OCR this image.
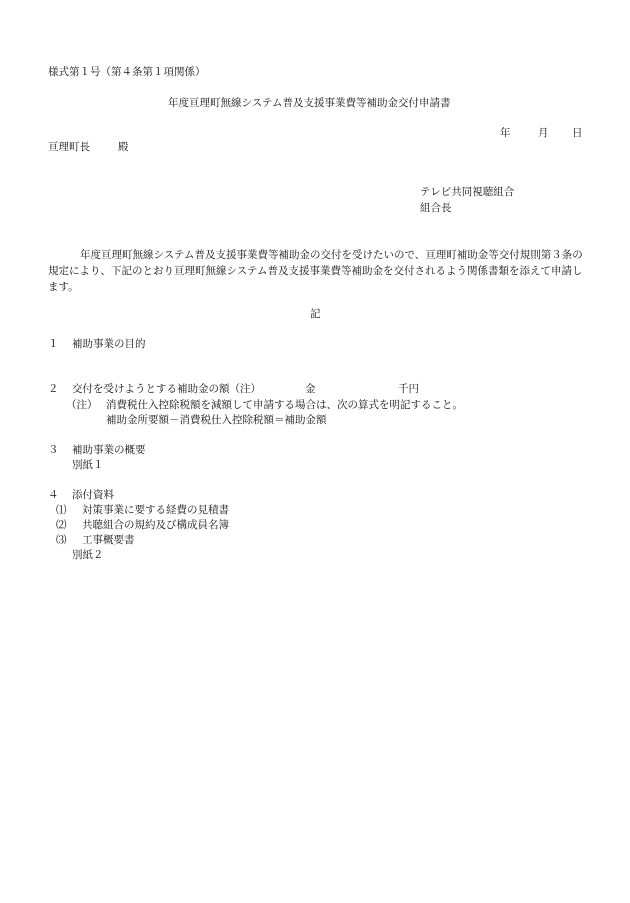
様式第１号（第４条第１項関係）
年度亘理町無線システム普及支援事業費等補助金交付申請書
年	月 日
亘理町長	殿
テレビ共同視聴組合
組合長
年度亘理町無線システム普及支援事業費等補助金の交付を受けたいので、亘理町補助金等交付規則第３条の規定により、下記のとおり亘理町無線システム普及支援事業費等補助金を交付されるよう関係書類を添えて申請します。
記
１ 補助事業の目的
２ 交付を受けようとする補助金の額（注）	金	千円
（注） 消費税仕入控除税額を減額して申請する場合は、次の算式を明記すること。
補助金所要額－消費税仕入控除税額＝補助金額
３ 補助事業の概要
別紙１
４ 添付資料
⑴ 対策事業に要する経費の見積書
⑵ 共聴組合の規約及び構成員名簿
⑶ 工事概要書
別紙２
